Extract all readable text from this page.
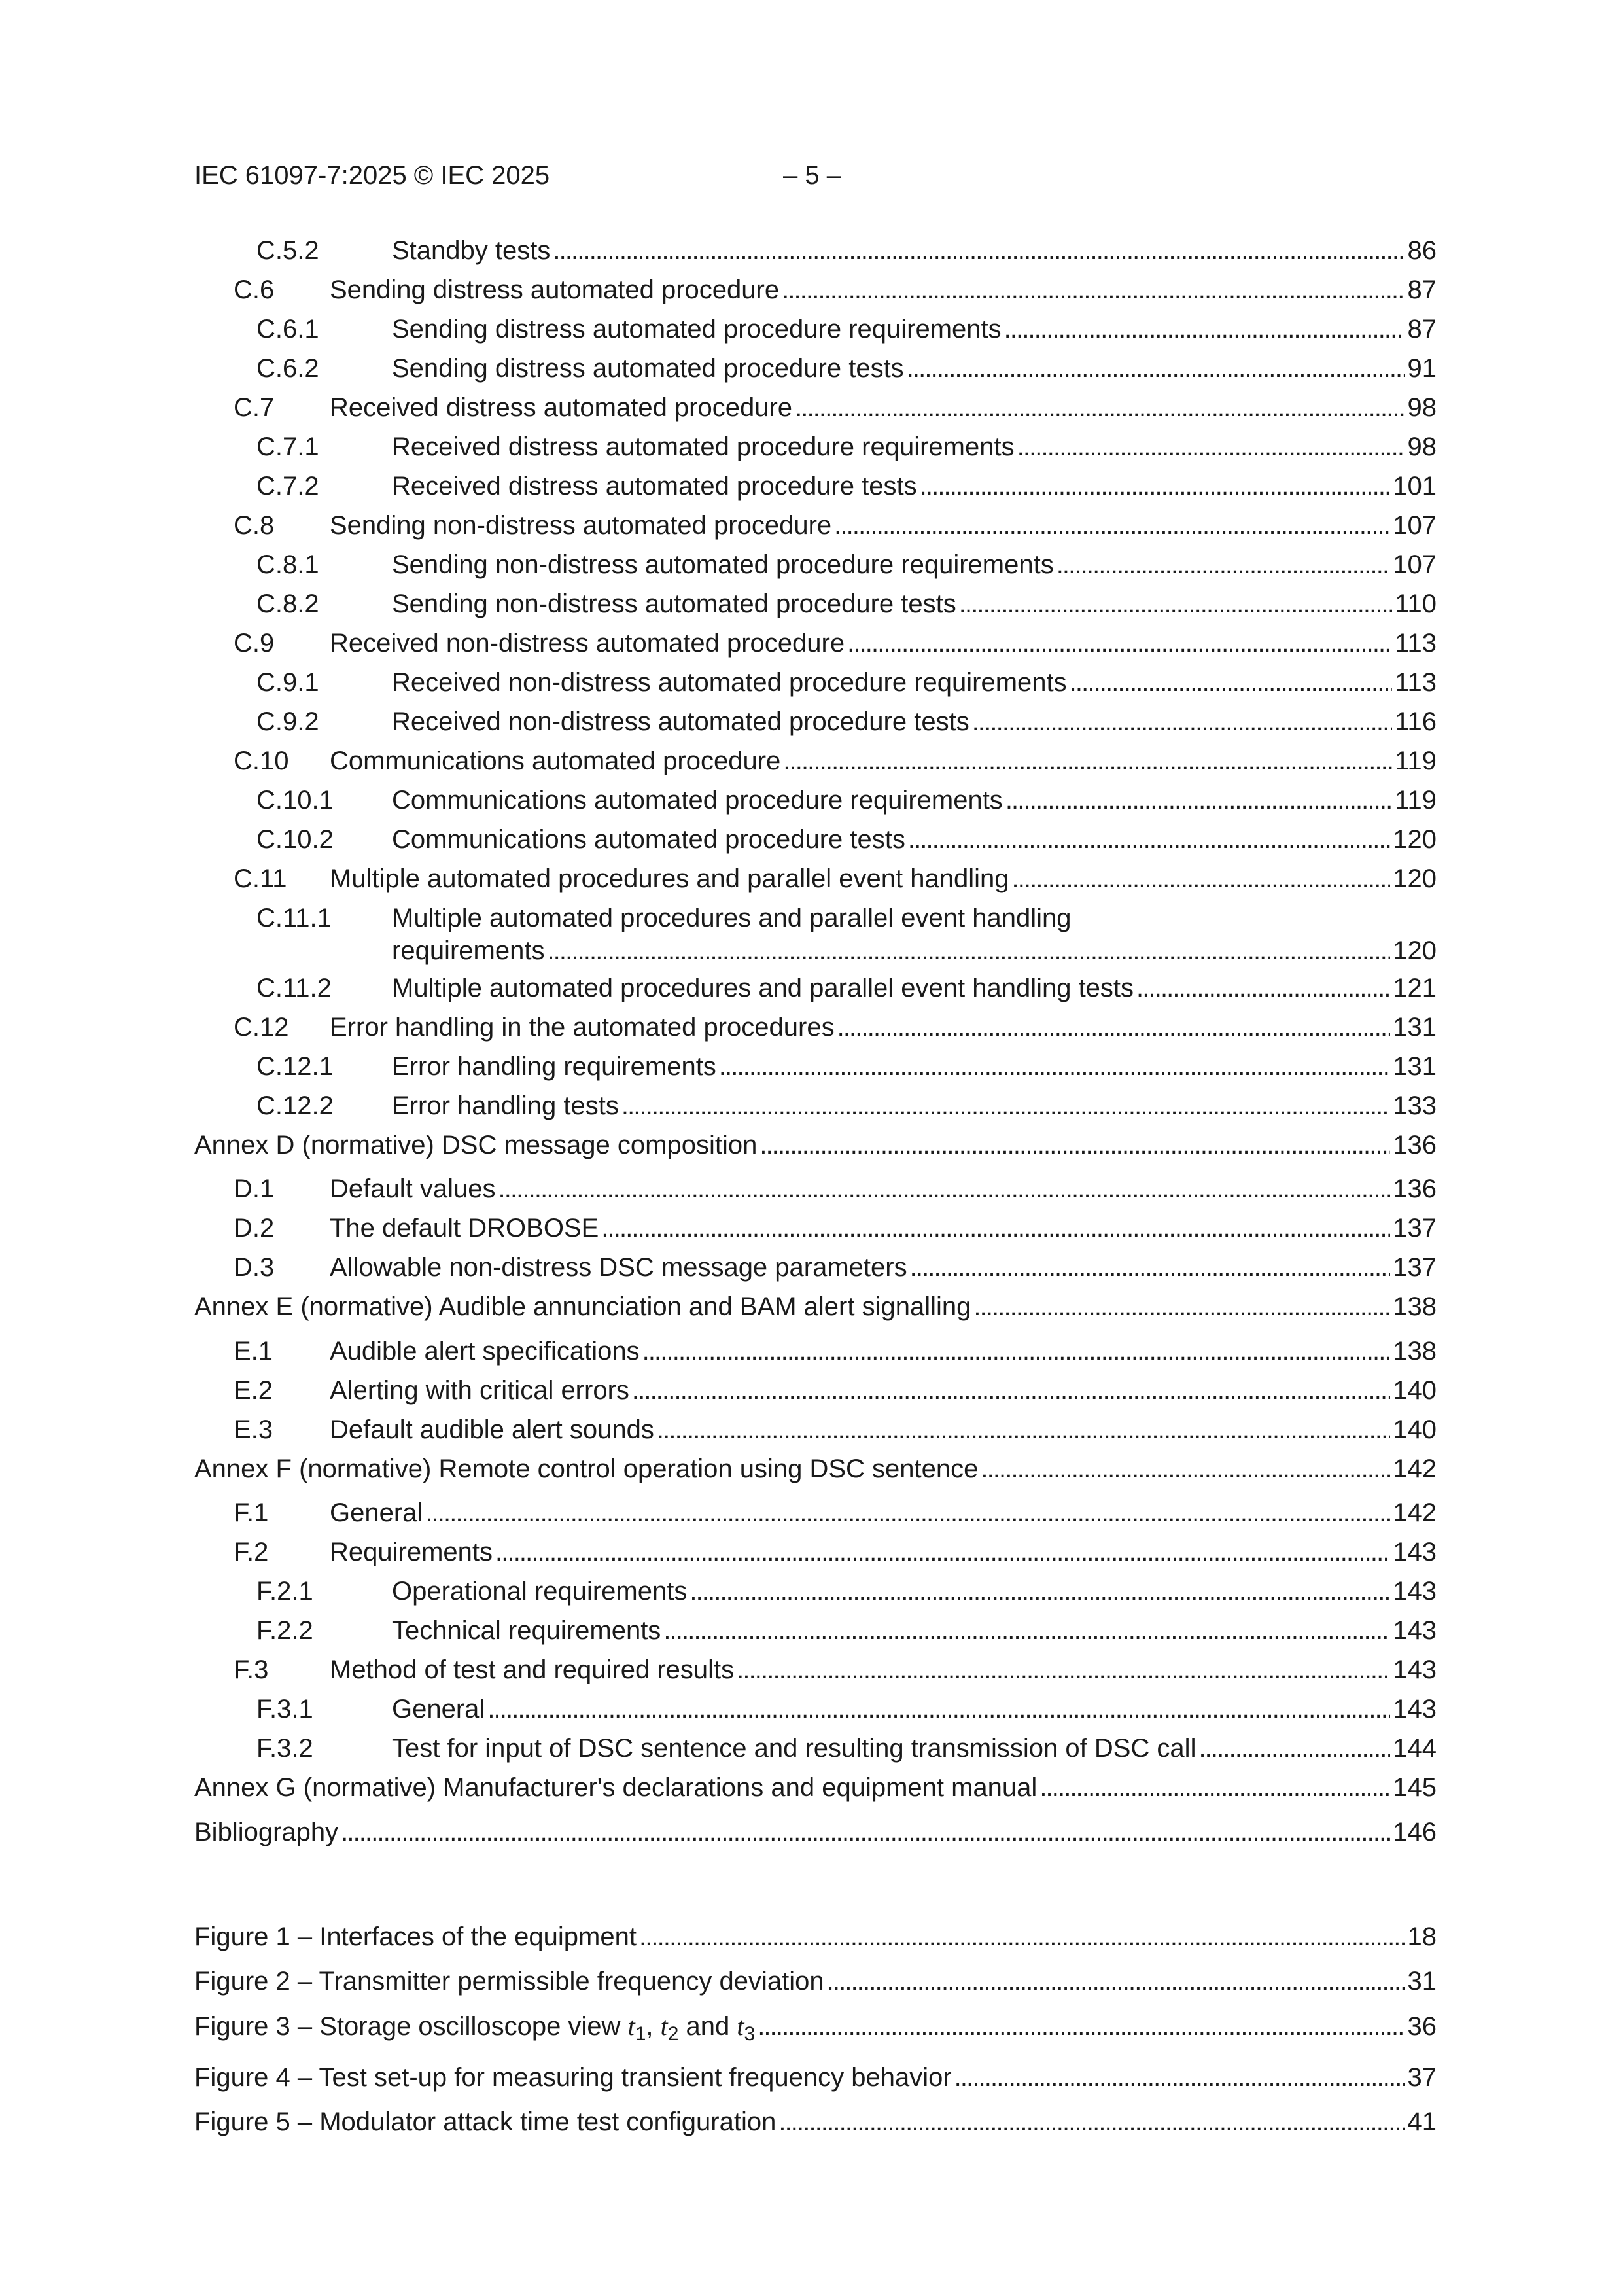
IEC 61097-7:2025 © IEC 2025	– 5 –
C.5.2	Standby tests . . .	86
C.6 Sending distress automated procedure . . .	87
C.6.1	Sending distress automated procedure requirements . . .	87
C.6.2	Sending distress automated procedure tests . . .	91
C.7 Received distress automated procedure . . .	98
C.7.1	Received distress automated procedure requirements . . .	98
C.7.2	Received distress automated procedure tests . . .	101
C.8 Sending non-distress automated procedure . . .	107
C.8.1	Sending non-distress automated procedure requirements . . .	107
C.8.2	Sending non-distress automated procedure tests . . .	110
C.9 Received non-distress automated procedure . . .	113
C.9.1	Received non-distress automated procedure requirements . . .	113
C.9.2	Received non-distress automated procedure tests . . .	116
C.10 Communications automated procedure . . .	119
C.10.1 Communications automated procedure requirements . . .	119
C.10.2 Communications automated procedure tests . . .	120
C.11 Multiple automated procedures and parallel event handling . . .	120
C.11.1 Multiple automated procedures and parallel event handling
requirements . . .	120
C.11.2 Multiple automated procedures and parallel event handling tests . . .	121
C.12 Error handling in the automated procedures . . .	131
C.12.1 Error handling requirements . . .	131
C.12.2 Error handling tests . . .	133
Annex D (normative) DSC message composition . . .	136
D.1 Default values . . .	136
D.2 The default DROBOSE . . .	137
D.3 Allowable non-distress DSC message parameters . . .	137
Annex E (normative) Audible annunciation and BAM alert signalling . . .	138
E.1 Audible alert specifications . . .	138
E.2 Alerting with critical errors . . .	140
E.3 Default audible alert sounds . . .	140
Annex F (normative) Remote control operation using DSC sentence . . .	142
F.1 General . . .	142
F.2 Requirements . . .	143
F.2.1	Operational requirements . . .	143
F.2.2	Technical requirements . . .	143
F.3 Method of test and required results . . .	143
F.3.1	General . . .	143
F.3.2	Test for input of DSC sentence and resulting transmission of DSC call . . .	144
Annex G (normative) Manufacturer's declarations and equipment manual . . .	145
Bibliography . . .	146
Figure 1 – Interfaces of the equipment . . .	18
Figure 2 – Transmitter permissible frequency deviation . . .	31
Figure 3 – Storage oscilloscope view $t_1$, $t_2$ and $t_3$ . . .	36
Figure 4 – Test set-up for measuring transient frequency behavior . . .	37
Figure 5 – Modulator attack time test configuration . . .	41
